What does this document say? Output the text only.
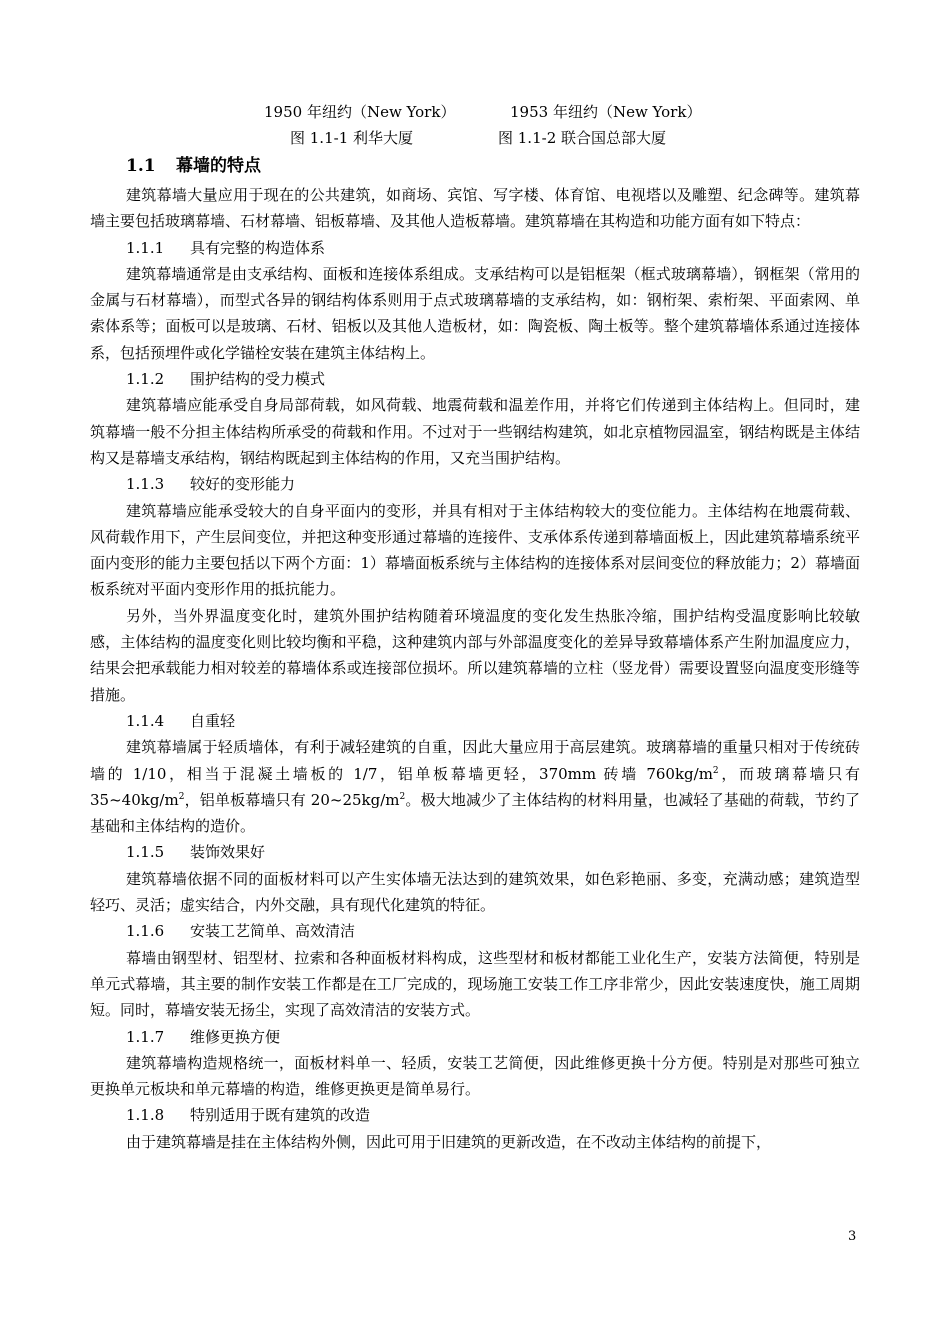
1950 年纽约（New York）	1953 年纽约（New York）
图 1.1-1 利华大厦	图 1.1-2 联合国总部大厦
1.1 幕墙的特点

建筑幕墙大量应用于现在的公共建筑，如商场、宾馆、写字楼、体育馆、电视塔以及雕塑、纪念碑等。建筑幕墙主要包括玻璃幕墙、石材幕墙、铝板幕墙、及其他人造板幕墙。建筑幕墙在其构造和功能方面有如下特点：

1.1.1 具有完整的构造体系

建筑幕墙通常是由支承结构、面板和连接体系组成。支承结构可以是铝框架（框式玻璃幕墙），钢框架（常用的金属与石材幕墙），而型式各异的钢结构体系则用于点式玻璃幕墙的支承结构，如：钢桁架、索桁架、平面索网、单索体系等；面板可以是玻璃、石材、铝板以及其他人造板材，如：陶瓷板、陶土板等。整个建筑幕墙体系通过连接体系，包括预埋件或化学锚栓安装在建筑主体结构上。

1.1.2 围护结构的受力模式

建筑幕墙应能承受自身局部荷载，如风荷载、地震荷载和温差作用，并将它们传递到主体结构上。但同时，建筑幕墙一般不分担主体结构所承受的荷载和作用。不过对于一些钢结构建筑，如北京植物园温室，钢结构既是主体结构又是幕墙支承结构，钢结构既起到主体结构的作用，又充当围护结构。

1.1.3 较好的变形能力

建筑幕墙应能承受较大的自身平面内的变形，并具有相对于主体结构较大的变位能力。主体结构在地震荷载、风荷载作用下，产生层间变位，并把这种变形通过幕墙的连接件、支承体系传递到幕墙面板上，因此建筑幕墙系统平面内变形的能力主要包括以下两个方面：1）幕墙面板系统与主体结构的连接体系对层间变位的释放能力；2）幕墙面板系统对平面内变形作用的抵抗能力。

另外，当外界温度变化时，建筑外围护结构随着环境温度的变化发生热胀冷缩，围护结构受温度影响比较敏感，主体结构的温度变化则比较均衡和平稳，这种建筑内部与外部温度变化的差异导致幕墙体系产生附加温度应力，结果会把承载能力相对较差的幕墙体系或连接部位损坏。所以建筑幕墙的立柱（竖龙骨）需要设置竖向温度变形缝等措施。

1.1.4 自重轻

建筑幕墙属于轻质墙体，有利于减轻建筑的自重，因此大量应用于高层建筑。玻璃幕墙的重量只相对于传统砖墙的 1/10，相当于混凝土墙板的 1/7，铝单板幕墙更轻，370mm 砖墙 $760kg/m^2$，而玻璃幕墙只有 $35\sim 40kg/m^2$，铝单板幕墙只有 $20\sim 25kg/m^2$。极大地减少了主体结构的材料用量，也减轻了基础的荷载，节约了基础和主体结构的造价。

1.1.5 装饰效果好

建筑幕墙依据不同的面板材料可以产生实体墙无法达到的建筑效果，如色彩艳丽、多变，充满动感；建筑造型轻巧、灵活；虚实结合，内外交融，具有现代化建筑的特征。

1.1.6 安装工艺简单、高效清洁

幕墙由钢型材、铝型材、拉索和各种面板材料构成，这些型材和板材都能工业化生产，安装方法简便，特别是单元式幕墙，其主要的制作安装工作都是在工厂完成的，现场施工安装工作工序非常少，因此安装速度快，施工周期短。同时，幕墙安装无扬尘，实现了高效清洁的安装方式。

1.1.7 维修更换方便

建筑幕墙构造规格统一，面板材料单一、轻质，安装工艺简便，因此维修更换十分方便。特别是对那些可独立更换单元板块和单元幕墙的构造，维修更换更是简单易行。

1.1.8 特别适用于既有建筑的改造

由于建筑幕墙是挂在主体结构外侧，因此可用于旧建筑的更新改造，在不改动主体结构的前提下，

3
